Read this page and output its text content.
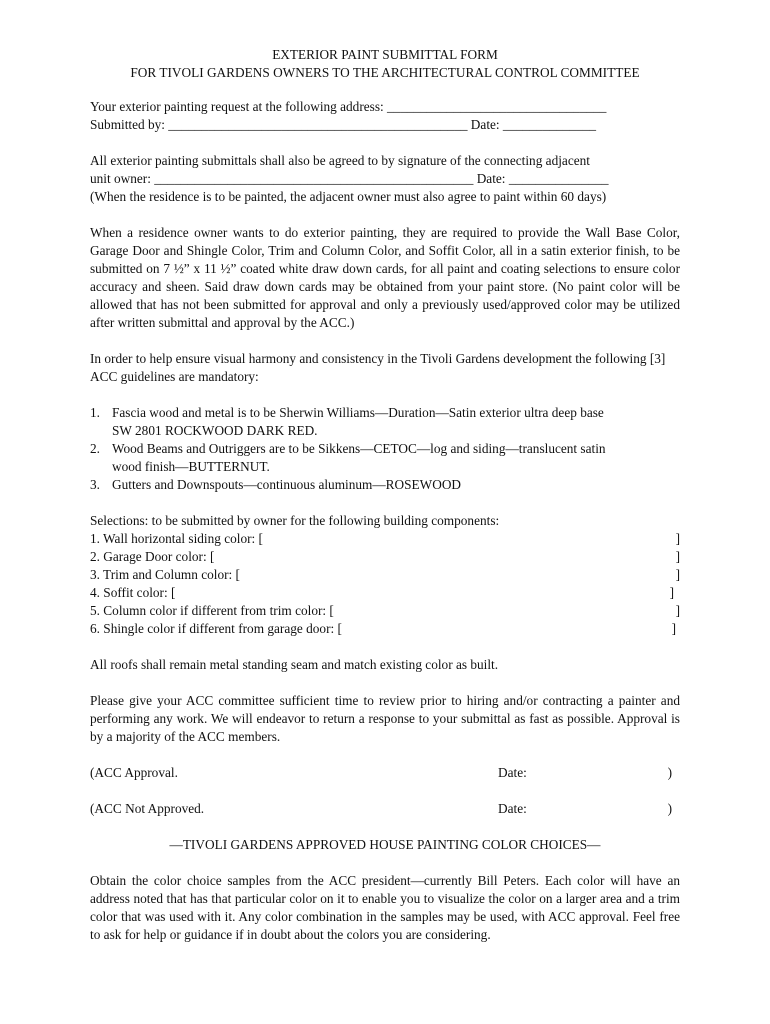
EXTERIOR PAINT SUBMITTAL FORM

FOR TIVOLI GARDENS OWNERS TO THE ARCHITECTURAL CONTROL COMMITTEE

Your exterior painting request at the following address: _________________________________

Submitted by: _____________________________________________ Date: ______________

All exterior painting submittals shall also be agreed to by signature of the connecting adjacent

unit owner: ________________________________________________ Date: _______________

(When the residence is to be painted, the adjacent owner must also agree to paint within 60 days)

When a residence owner wants to do exterior painting, they are required to provide the Wall Base Color, Garage Door and Shingle Color, Trim and Column Color, and Soffit Color, all in a satin exterior finish, to be submitted on 7 ½” x 11 ½” coated white draw down cards, for all paint and coating selections to ensure color accuracy and sheen. Said draw down cards may be obtained from your paint store. (No paint color will be allowed that has not been submitted for approval and only a previously used/approved color may be utilized after written submittal and approval by the ACC.)

In order to help ensure visual harmony and consistency in the Tivoli Gardens development the following [3] ACC guidelines are mandatory:

1. Fascia wood and metal is to be Sherwin Williams—Duration—Satin exterior ultra deep base
SW 2801 ROCKWOOD DARK RED.
2. Wood Beams and Outriggers are to be Sikkens—CETOC—log and siding—translucent satin
wood finish—BUTTERNUT.
3. Gutters and Downspouts—continuous aluminum—ROSEWOOD

Selections: to be submitted by owner for the following building components:

1. Wall horizontal siding color: [	]
2. Garage Door color: [	]
3. Trim and Column color: [	]
4. Soffit color: [	]
5. Column color if different from trim color: [	]
6. Shingle color if different from garage door: [	]

All roofs shall remain metal standing seam and match existing color as built.

Please give your ACC committee sufficient time to review prior to hiring and/or contracting a painter and performing any work. We will endeavor to return a response to your submittal as fast as possible. Approval is by a majority of the ACC members.

(ACC Approval.	Date:	)
(ACC Not Approved.	Date:	)

—TIVOLI GARDENS APPROVED HOUSE PAINTING COLOR CHOICES—

Obtain the color choice samples from the ACC president—currently Bill Peters. Each color will have an address noted that has that particular color on it to enable you to visualize the color on a larger area and a trim color that was used with it. Any color combination in the samples may be used, with ACC approval. Feel free to ask for help or guidance if in doubt about the colors you are considering.
